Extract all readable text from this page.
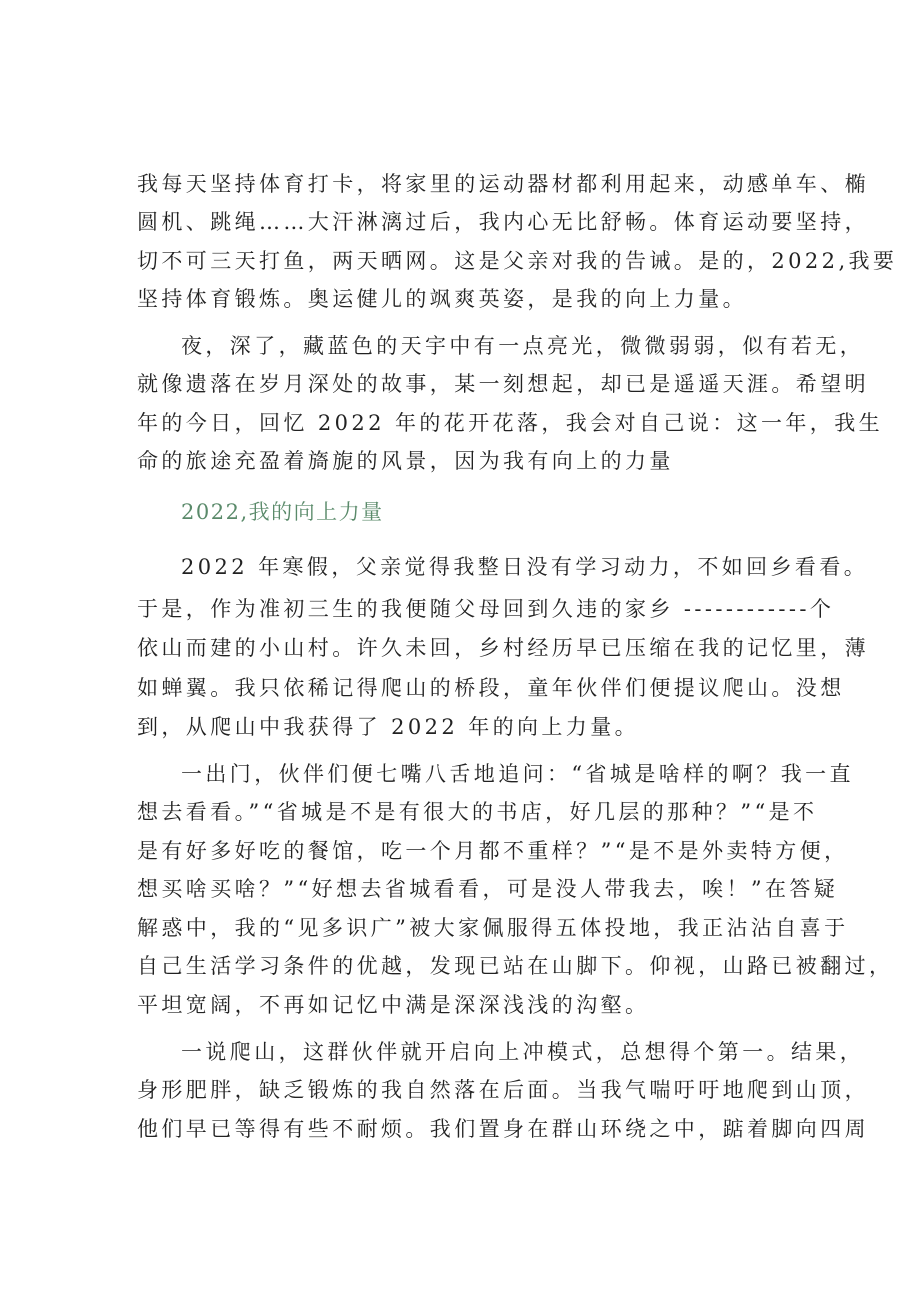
我每天坚持体育打卡，将家里的运动器材都利用起来，动感单车、椭
圆机、跳绳……大汗淋漓过后，我内心无比舒畅。体育运动要坚持，
切不可三天打鱼，两天晒网。这是父亲对我的告诫。是的，2022,我要
坚持体育锻炼。奥运健儿的飒爽英姿，是我的向上力量。
夜，深了，藏蓝色的天宇中有一点亮光，微微弱弱，似有若无，
就像遗落在岁月深处的故事，某一刻想起，却已是遥遥天涯。希望明
年的今日，回忆 2022 年的花开花落，我会对自己说：这一年，我生
命的旅途充盈着旖旎的风景，因为我有向上的力量
2022,我的向上力量
2022 年寒假，父亲觉得我整日没有学习动力，不如回乡看看。
于是，作为准初三生的我便随父母回到久违的家乡 ------------个
依山而建的小山村。许久未回，乡村经历早已压缩在我的记忆里，薄
如蝉翼。我只依稀记得爬山的桥段，童年伙伴们便提议爬山。没想
到，从爬山中我获得了 2022 年的向上力量。
一出门，伙伴们便七嘴八舌地追问：“省城是啥样的啊？我一直
想去看看。”“省城是不是有很大的书店，好几层的那种？”“是不
是有好多好吃的餐馆，吃一个月都不重样？”“是不是外卖特方便，
想买啥买啥？”“好想去省城看看，可是没人带我去，唉！”在答疑
解惑中，我的“见多识广”被大家佩服得五体投地，我正沾沾自喜于
自己生活学习条件的优越，发现已站在山脚下。仰视，山路已被翻过，
平坦宽阔，不再如记忆中满是深深浅浅的沟壑。
一说爬山，这群伙伴就开启向上冲模式，总想得个第一。结果，
身形肥胖，缺乏锻炼的我自然落在后面。当我气喘吁吁地爬到山顶，
他们早已等得有些不耐烦。我们置身在群山环绕之中，踮着脚向四周
